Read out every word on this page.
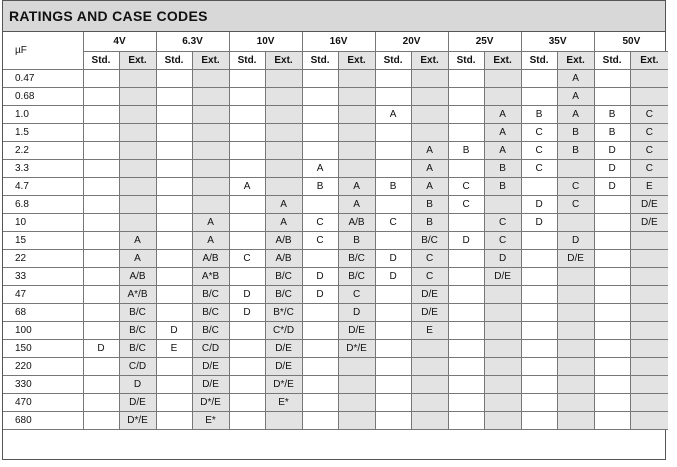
RATINGS AND CASE CODES
µF	4V		6.3V		10V		16V		20V		25V		35V		50V	
	Std.	Ext.	Std.	Ext.	Std.	Ext.	Std.	Ext.	Std.	Ext.	Std.	Ext.	Std.	Ext.	Std.	Ext.
0.47														A		
0.68														A		
1.0									A			A	B	A	B	C
1.5												A	C	B	B	C
2.2										A	B	A	C	B	D	C
3.3							A			A		B	C		D	C
4.7					A		B	A	B	A	C	B		C	D	E
6.8						A		A		B	C		D	C		D/E
10				A		A	C	A/B	C	B		C	D			D/E
15		A		A		A/B	C	B		B/C	D	C		D		
22		A		A/B	C	A/B		B/C	D	C		D		D/E		
33		A/B		A*B		B/C	D	B/C	D	C		D/E				
47		A*/B		B/C	D	B/C	D	C		D/E						
68		B/C		B/C	D	B*/C		D		D/E						
100		B/C	D	B/C		C*/D		D/E		E						
150	D	B/C	E	C/D		D/E		D*/E								
220		C/D		D/E		D/E										
330		D		D/E		D*/E										
470		D/E		D*/E		E*										
680		D*/E		E*												
